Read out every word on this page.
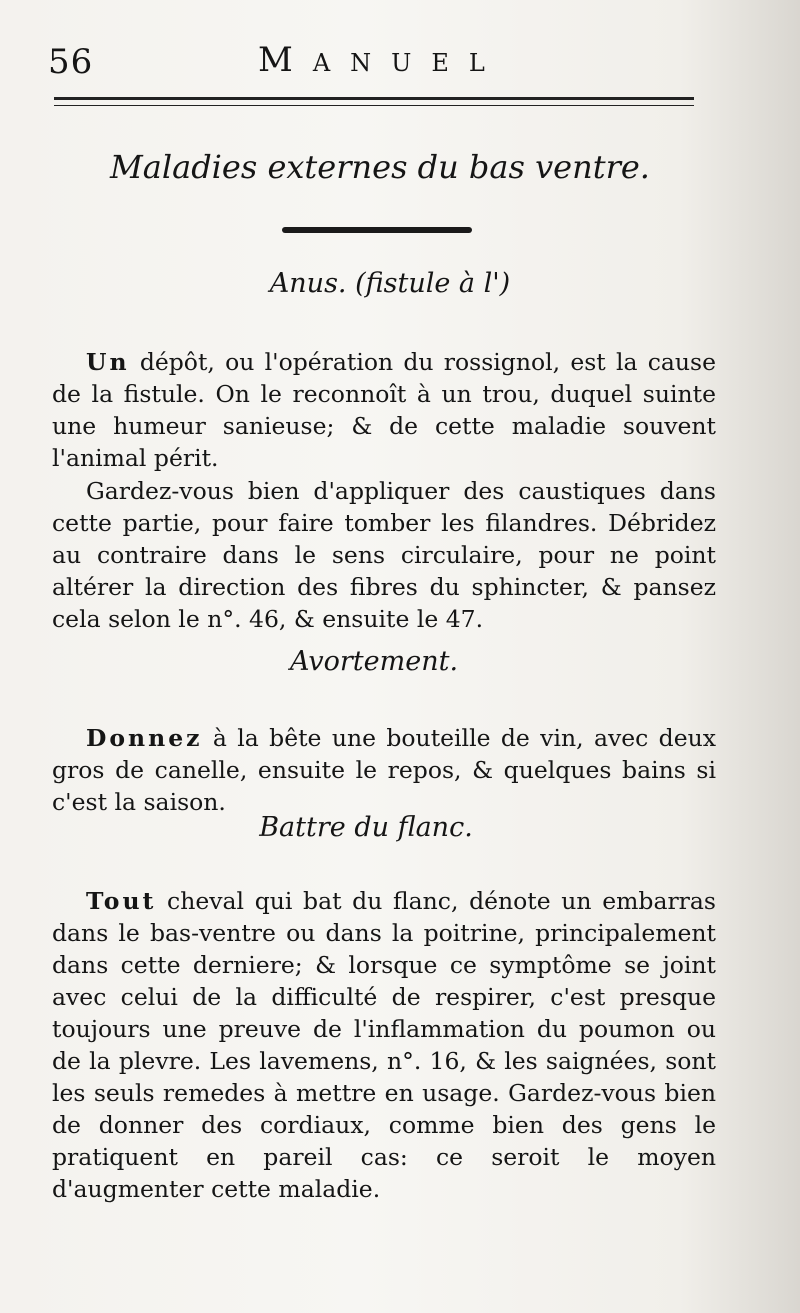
56	Manuel
Maladies externes du bas ventre.
Anus. (fistule à l')

Un dépôt, ou l'opération du rossignol, est la cause de la fistule. On le reconnoît à un trou, duquel suinte une humeur sanieuse; & de cette maladie souvent l'animal périt.

Gardez-vous bien d'appliquer des caustiques dans cette partie, pour faire tomber les filandres. Débridez au contraire dans le sens circulaire, pour ne point altérer la direction des fibres du sphincter, & pansez cela selon le n°. 46, & ensuite le 47.

Avortement.

Donnez à la bête une bouteille de vin, avec deux gros de canelle, ensuite le repos, & quelques bains si c'est la saison.

Battre du flanc.

Tout cheval qui bat du flanc, dénote un embarras dans le bas-ventre ou dans la poitrine, principalement dans cette derniere; & lorsque ce symptôme se joint avec celui de la difficulté de respirer, c'est presque toujours une preuve de l'inflammation du poumon ou de la plevre. Les lavemens, n°. 16, & les saignées, sont les seuls remedes à mettre en usage. Gardez-vous bien de donner des cordiaux, comme bien des gens le pratiquent en pareil cas: ce seroit le moyen d'augmenter cette maladie.
